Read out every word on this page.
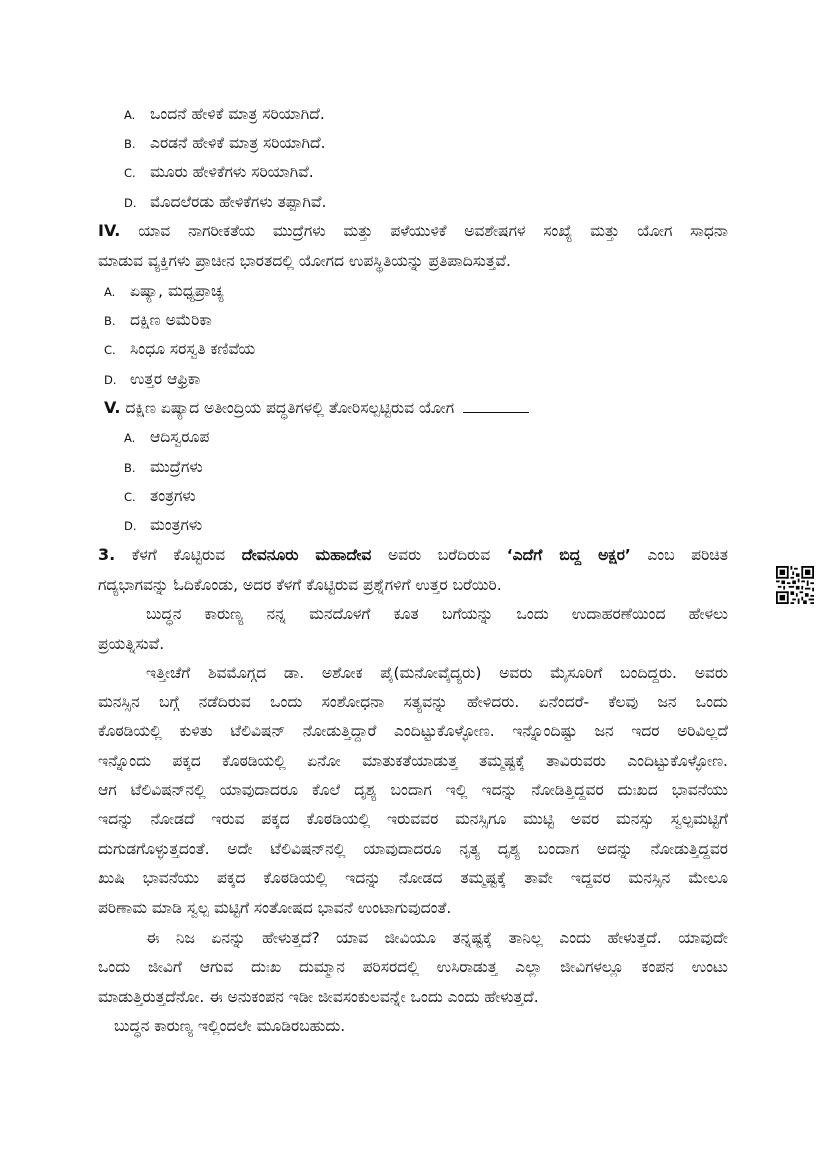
A. ಒಂದನೆ ಹೇಳಿಕೆ ಮಾತ್ರ ಸರಿಯಾಗಿದೆ.
B. ಎರಡನೆ ಹೇಳಿಕೆ ಮಾತ್ರ ಸರಿಯಾಗಿದೆ.
C. ಮೂರು ಹೇಳಿಕೆಗಳು ಸರಿಯಾಗಿವೆ.
D. ಮೊದಲೆರಡು ಹೇಳಿಕೆಗಳು ತಪ್ಪಾಗಿವೆ.
IV. ಯಾವ ನಾಗರೀಕತೆಯ ಮುದ್ರೆಗಳು ಮತ್ತು ಪಳೆಯುಳಿಕೆ ಅವಶೇಷಗಳ ಸಂಖ್ಯೆ ಮತ್ತು ಯೋಗ ಸಾಧನಾ
ಮಾಡುವ ವ್ಯಕ್ತಿಗಳು ಪ್ರಾಚೀನ ಭಾರತದಲ್ಲಿ ಯೋಗದ ಉಪಸ್ಥಿತಿಯನ್ನು ಪ್ರತಿಪಾದಿಸುತ್ತವೆ.
A. ಏಷ್ಯಾ, ಮಧ್ಯಪ್ರಾಚ್ಯ
B. ದಕ್ಷಿಣ ಅಮೆರಿಕಾ
C. ಸಿಂಧೂ ಸರಸ್ವತಿ ಕಣಿವೆಯ
D. ಉತ್ತರ ಆಫ್ರಿಕಾ
V. ದಕ್ಷಿಣ ಏಷ್ಯಾದ ಅತೀಂದ್ರಿಯ ಪದ್ಧತಿಗಳಲ್ಲಿ ತೋರಿಸಲ್ಪಟ್ಟಿರುವ ಯೋಗ
A. ಆದಿಸ್ವರೂಪ
B. ಮುದ್ರೆಗಳು
C. ತಂತ್ರಗಳು
D. ಮಂತ್ರಗಳು
3. ಕೆಳಗೆ ಕೊಟ್ಟಿರುವ ದೇವನೂರು ಮಹಾದೇವ ಅವರು ಬರೆದಿರುವ ‘ಎದೆಗೆ ಬಿದ್ದ ಅಕ್ಷರ’ ಎಂಬ ಪರಿಚಿತ
ಗದ್ಯಭಾಗವನ್ನು ಓದಿಕೊಂಡು, ಅದರ ಕೆಳಗೆ ಕೊಟ್ಟಿರುವ ಪ್ರಶ್ನೆಗಳಿಗೆ ಉತ್ತರ ಬರೆಯಿರಿ.
ಬುದ್ಧನ ಕಾರುಣ್ಯ ನನ್ನ ಮನದೊಳಗೆ ಕೂತ ಬಗೆಯನ್ನು ಒಂದು ಉದಾಹರಣೆಯಿಂದ ಹೇಳಲು
ಪ್ರಯತ್ನಿಸುವೆ.
ಇತ್ತೀಚೆಗೆ ಶಿವಮೊಗ್ಗದ ಡಾ. ಅಶೋಕ ಪೈ(ಮನೋವೈದ್ಯರು) ಅವರು ಮೈಸೂರಿಗೆ ಬಂದಿದ್ದರು. ಅವರು
ಮನಸ್ಸಿನ ಬಗ್ಗೆ ನಡೆದಿರುವ ಒಂದು ಸಂಶೋಧನಾ ಸತ್ಯವನ್ನು ಹೇಳಿದರು. ಏನೆಂದರೆ- ಕೆಲವು ಜನ ಒಂದು
ಕೊಠಡಿಯಲ್ಲಿ ಕುಳಿತು ಟೆಲಿವಿಷನ್ ನೋಡುತ್ತಿದ್ದಾರೆ ಎಂದಿಟ್ಟುಕೊಳ್ಳೋಣ. ಇನ್ನೊಂದಿಷ್ಟು ಜನ ಇದರ ಅರಿವಿಲ್ಲದೆ
ಇನ್ನೊಂದು ಪಕ್ಕದ ಕೊಠಡಿಯಲ್ಲಿ ಏನೋ ಮಾತುಕತೆಯಾಡುತ್ತ ತಮ್ಮಷ್ಟಕ್ಕೆ ತಾವಿರುವರು ಎಂದಿಟ್ಟುಕೊಳ್ಳೋಣ.
ಆಗ ಟೆಲಿವಿಷನ್‌ನಲ್ಲಿ ಯಾವುದಾದರೂ ಕೊಲೆ ದೃಶ್ಯ ಬಂದಾಗ ಇಲ್ಲಿ ಇದನ್ನು ನೋಡಿತ್ತಿದ್ದವರ ದುಃಖದ ಭಾವನೆಯು
ಇದನ್ನು ನೋಡದೆ ಇರುವ ಪಕ್ಕದ ಕೊಠಡಿಯಲ್ಲಿ ಇರುವವರ ಮನಸ್ಸಿಗೂ ಮುಟ್ಟಿ ಅವರ ಮನಸ್ಸು ಸ್ವಲ್ಪಮಟ್ಟಿಗೆ
ದುಗುಡಗೊಳ್ಳುತ್ತದಂತೆ. ಅದೇ ಟೆಲಿವಿಷನ್‌ನಲ್ಲಿ ಯಾವುದಾದರೂ ನೃತ್ಯ ದೃಶ್ಯ ಬಂದಾಗ ಅದನ್ನು ನೋಡುತ್ತಿದ್ದವರ
ಖುಷಿ ಭಾವನೆಯು ಪಕ್ಕದ ಕೊಠಡಿಯಲ್ಲಿ ಇದನ್ನು ನೋಡದ ತಮ್ಮಷ್ಟಕ್ಕೆ ತಾವೇ ಇದ್ದವರ ಮನಸ್ಸಿನ ಮೇಲೂ
ಪರಿಣಾಮ ಮಾಡಿ ಸ್ವಲ್ಪ ಮಟ್ಟಿಗೆ ಸಂತೋಷದ ಭಾವನೆ ಉಂಟಾಗುವುದಂತೆ.
ಈ ನಿಜ ಏನನ್ನು ಹೇಳುತ್ತದೆ? ಯಾವ ಜೀವಿಯೂ ತನ್ನಷ್ಟಕ್ಕೆ ತಾನಿಲ್ಲ ಎಂದು ಹೇಳುತ್ತದೆ. ಯಾವುದೇ
ಒಂದು ಜೀವಿಗೆ ಆಗುವ ದುಃಖ ದುಮ್ಮಾನ ಪರಿಸರದಲ್ಲಿ ಉಸಿರಾಡುತ್ತ ಎಲ್ಲಾ ಜೀವಿಗಳಲ್ಲೂ ಕಂಪನ ಉಂಟು
ಮಾಡುತ್ತಿರುತ್ತದೆನೋ. ಈ ಅನುಕಂಪನ ಇಡೀ ಜೀವಸಂಕುಲವನ್ನೇ ಒಂದು ಎಂದು ಹೇಳುತ್ತದೆ.
ಬುದ್ಧನ ಕಾರುಣ್ಯ ಇಲ್ಲಿಂದಲೇ ಮೂಡಿರಬಹುದು.
